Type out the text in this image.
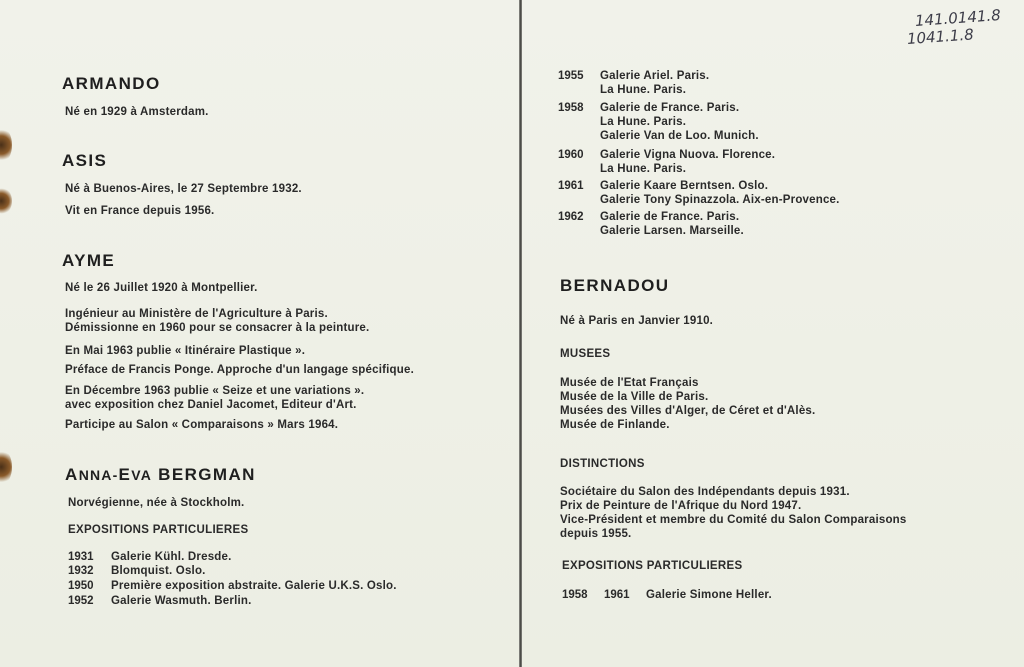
ARMANDO
Né en 1929 à Amsterdam.
ASIS
Né à Buenos-Aires, le 27 Septembre 1932.
Vit en France depuis 1956.
AYME
Né le 26 Juillet 1920 à Montpellier.
Ingénieur au Ministère de l'Agriculture à Paris.
Démissionne en 1960 pour se consacrer à la peinture.
En Mai 1963 publie « Itinéraire Plastique ».
Préface de Francis Ponge. Approche d'un langage spécifique.
En Décembre 1963 publie « Seize et une variations ».
avec exposition chez Daniel Jacomet, Editeur d'Art.
Participe au Salon « Comparaisons » Mars 1964.
ANNA-EVA BERGMAN
Norvégienne, née à Stockholm.
EXPOSITIONS PARTICULIERES
1931 Galerie Kühl. Dresde.
1932 Blomquist. Oslo.
1950 Première exposition abstraite. Galerie U.K.S. Oslo.
1952 Galerie Wasmuth. Berlin.
141.0141.8
1041.1.8
1955 Galerie Ariel. Paris.
La Hune. Paris.
1958 Galerie de France. Paris.
La Hune. Paris.
Galerie Van de Loo. Munich.
1960 Galerie Vigna Nuova. Florence.
La Hune. Paris.
1961 Galerie Kaare Berntsen. Oslo.
Galerie Tony Spinazzola. Aix-en-Provence.
1962 Galerie de France. Paris.
Galerie Larsen. Marseille.
BERNADOU
Né à Paris en Janvier 1910.
MUSEES
Musée de l'Etat Français
Musée de la Ville de Paris.
Musées des Villes d'Alger, de Céret et d'Alès.
Musée de Finlande.
DISTINCTIONS
Sociétaire du Salon des Indépendants depuis 1931.
Prix de Peinture de l'Afrique du Nord 1947.
Vice-Président et membre du Comité du Salon Comparaisons
depuis 1955.
EXPOSITIONS PARTICULIERES
1958 1961 Galerie Simone Heller.
